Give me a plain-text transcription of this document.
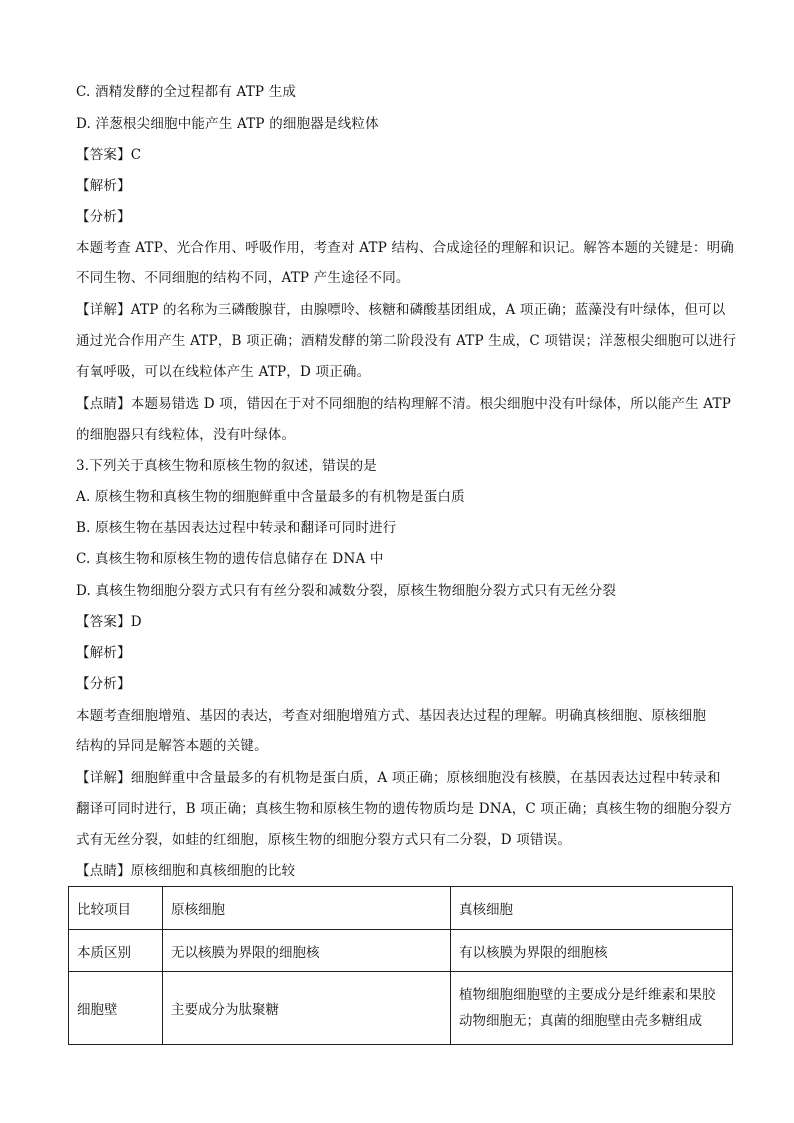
C. 酒精发酵的全过程都有 ATP 生成
D. 洋葱根尖细胞中能产生 ATP 的细胞器是线粒体
【答案】C
【解析】
【分析】
本题考查 ATP、光合作用、呼吸作用，考查对 ATP 结构、合成途径的理解和识记。解答本题的关键是：明确
不同生物、不同细胞的结构不同，ATP 产生途径不同。
【详解】ATP 的名称为三磷酸腺苷，由腺嘌呤、核糖和磷酸基团组成，A 项正确；蓝藻没有叶绿体，但可以
通过光合作用产生 ATP，B 项正确；酒精发酵的第二阶段没有 ATP 生成，C 项错误；洋葱根尖细胞可以进行
有氧呼吸，可以在线粒体产生 ATP，D 项正确。
【点睛】本题易错选 D 项，错因在于对不同细胞的结构理解不清。根尖细胞中没有叶绿体，所以能产生 ATP
的细胞器只有线粒体，没有叶绿体。
3.下列关于真核生物和原核生物的叙述，错误的是
A. 原核生物和真核生物的细胞鲜重中含量最多的有机物是蛋白质
B. 原核生物在基因表达过程中转录和翻译可同时进行
C. 真核生物和原核生物的遗传信息储存在 DNA 中
D. 真核生物细胞分裂方式只有有丝分裂和减数分裂，原核生物细胞分裂方式只有无丝分裂
【答案】D
【解析】
【分析】
本题考查细胞增殖、基因的表达，考查对细胞增殖方式、基因表达过程的理解。明确真核细胞、原核细胞
结构的异同是解答本题的关键。
【详解】细胞鲜重中含量最多的有机物是蛋白质，A 项正确；原核细胞没有核膜，在基因表达过程中转录和
翻译可同时进行，B 项正确；真核生物和原核生物的遗传物质均是 DNA，C 项正确；真核生物的细胞分裂方
式有无丝分裂，如蛙的红细胞，原核生物的细胞分裂方式只有二分裂，D 项错误。
【点睛】原核细胞和真核细胞的比较
比较项目	原核细胞	真核细胞
本质区别	无以核膜为界限的细胞核	有以核膜为界限的细胞核
细胞壁	主要成分为肽聚糖	植物细胞细胞壁的主要成分是纤维素和果胶
动物细胞无；真菌的细胞壁由壳多糖组成
